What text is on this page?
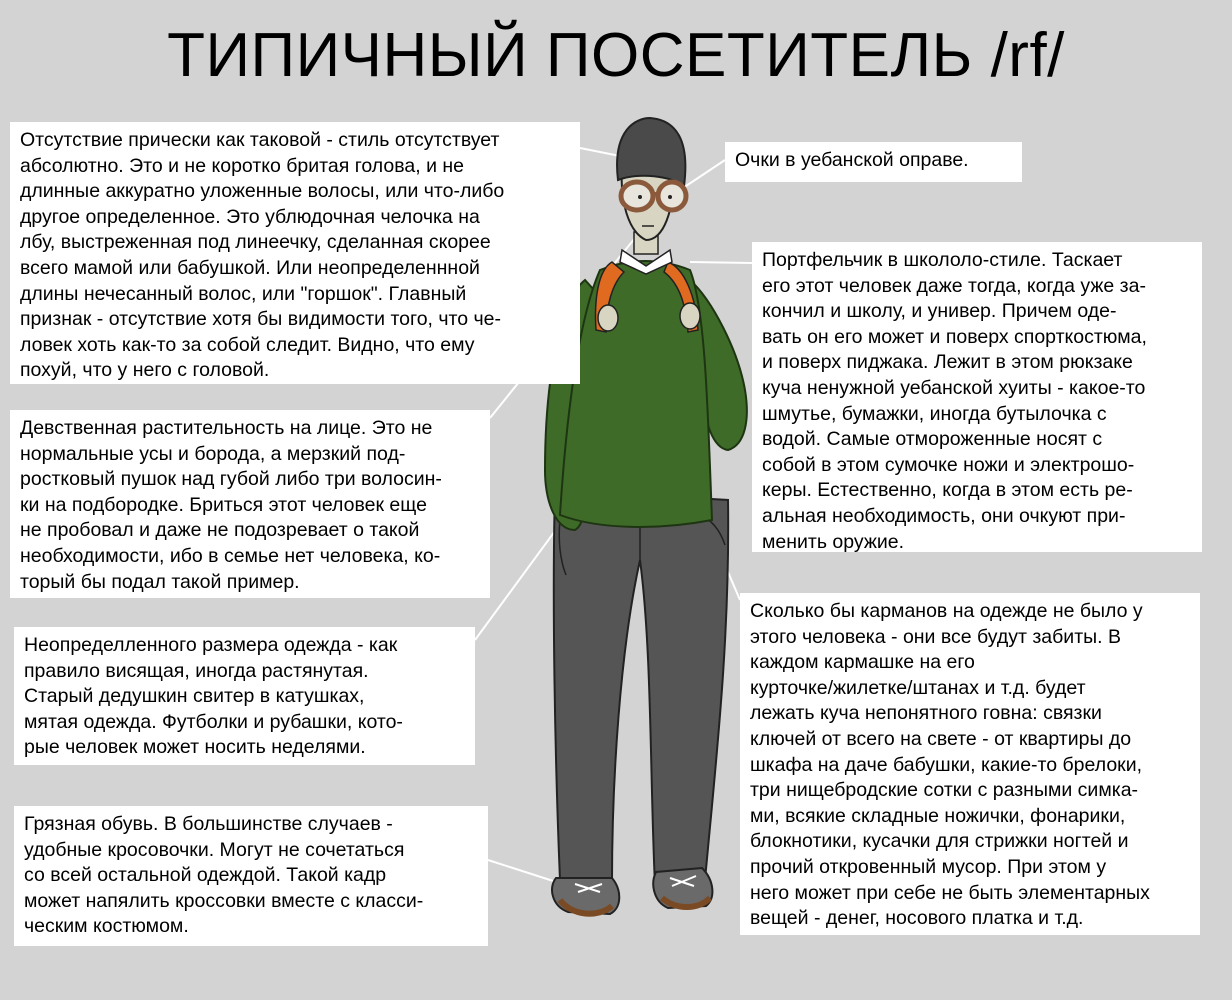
ТИПИЧНЫЙ ПОСЕТИТЕЛЬ /rf/
Отсутствие прически как таковой - стиль отсутствует
абсолютно. Это и не коротко бритая голова, и не
длинные аккуратно уложенные волосы, или что-либо
другое определенное. Это ублюдочная челочка на
лбу, выстреженная под линеечку, сделанная скорее
всего мамой или бабушкой. Или неопределеннной
длины нечесанный волос, или "горшок". Главный
признак - отсутствие хотя бы видимости того, что че-
ловек хоть как-то за собой следит. Видно, что ему
похуй, что у него с головой.
Очки в уебанской оправе.
Портфельчик в школоло-стиле. Таскает
его этот человек даже тогда, когда уже за-
кончил и школу, и универ. Причем оде-
вать он его может и поверх спорткостюма,
и поверх пиджака. Лежит в этом рюкзаке
куча ненужной уебанской хуиты - какое-то
шмутье, бумажки, иногда бутылочка с
водой. Самые отмороженные носят с
собой в этом сумочке ножи и электрошо-
керы. Естественно, когда в этом есть ре-
альная необходимость, они очкуют при-
менить оружие.
Девственная растительность на лице. Это не
нормальные усы и борода, а мерзкий под-
ростковый пушок над губой либо три волосин-
ки на подбородке. Бриться этот человек еще
не пробовал и даже не подозревает о такой
необходимости, ибо в семье нет человека, ко-
торый бы подал такой пример.
Неопределленного размера одежда - как
правило висящая, иногда растянутая.
Старый дедушкин свитер в катушках,
мятая одежда. Футболки и рубашки, кото-
рые человек может носить неделями.
Сколько бы карманов на одежде не было у
этого человека - они все будут забиты. В
каждом кармашке на его
курточке/жилетке/штанах и т.д. будет
лежать куча непонятного говна: связки
ключей от всего на свете - от квартиры до
шкафа на даче бабушки, какие-то брелоки,
три нищебродские сотки с разными симка-
ми, всякие складные ножички, фонарики,
блокнотики, кусачки для стрижки ногтей и
прочий откровенный мусор. При этом у
него может при себе не быть элементарных
вещей - денег, носового платка и т.д.
Грязная обувь. В большинстве случаев -
удобные кросовочки. Могут не сочетаться
со всей остальной одеждой. Такой кадр
может напялить кроссовки вместе с класси-
ческим костюмом.
